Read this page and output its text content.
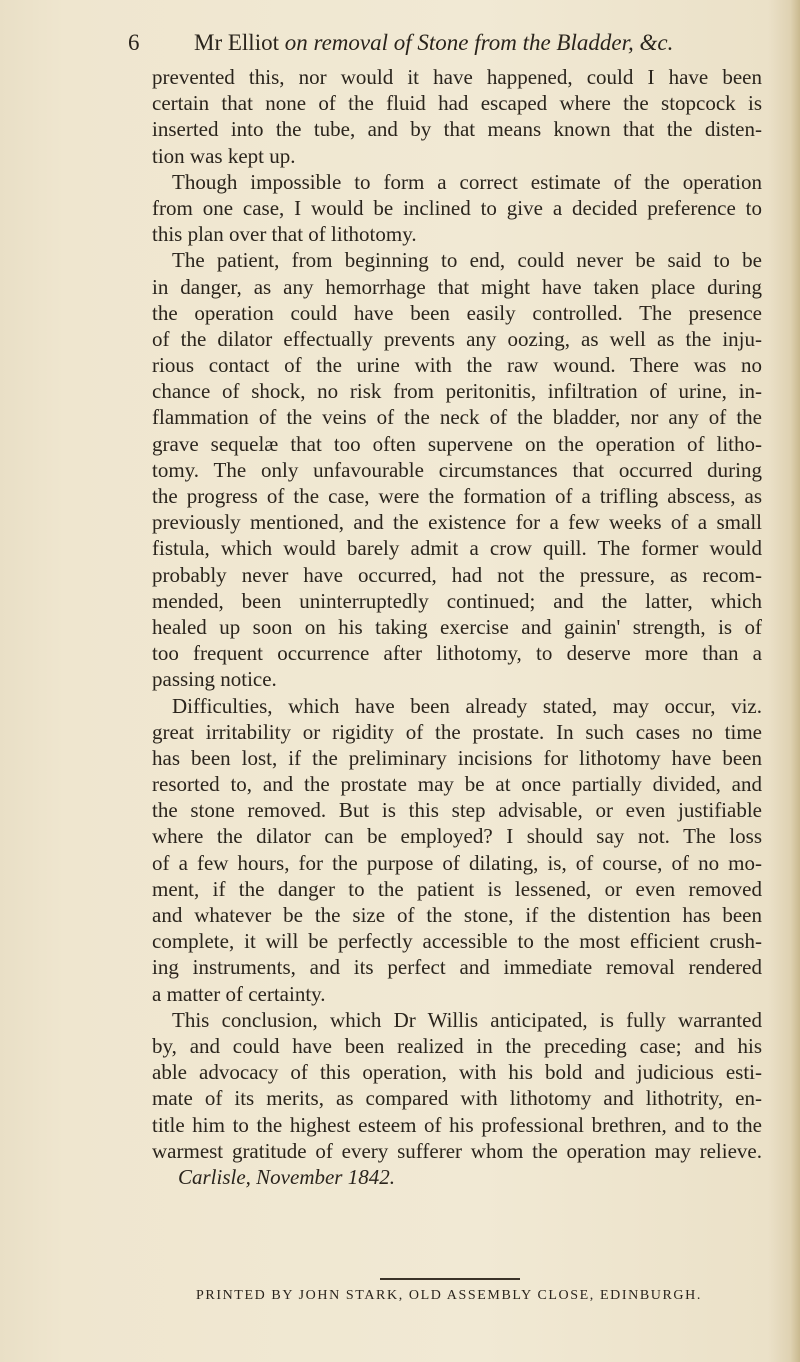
6 Mr Elliot on removal of Stone from the Bladder, &c.
prevented this, nor would it have happened, could I have been
certain that none of the fluid had escaped where the stopcock is
inserted into the tube, and by that means known that the disten-
tion was kept up.
Though impossible to form a correct estimate of the operation
from one case, I would be inclined to give a decided preference to
this plan over that of lithotomy.
The patient, from beginning to end, could never be said to be
in danger, as any hemorrhage that might have taken place during
the operation could have been easily controlled. The presence
of the dilator effectually prevents any oozing, as well as the inju-
rious contact of the urine with the raw wound. There was no
chance of shock, no risk from peritonitis, infiltration of urine, in-
flammation of the veins of the neck of the bladder, nor any of the
grave sequelæ that too often supervene on the operation of litho-
tomy. The only unfavourable circumstances that occurred during
the progress of the case, were the formation of a trifling abscess, as
previously mentioned, and the existence for a few weeks of a small
fistula, which would barely admit a crow quill. The former would
probably never have occurred, had not the pressure, as recom-
mended, been uninterruptedly continued; and the latter, which
healed up soon on his taking exercise and gainin' strength, is of
too frequent occurrence after lithotomy, to deserve more than a
passing notice.
Difficulties, which have been already stated, may occur, viz.
great irritability or rigidity of the prostate. In such cases no time
has been lost, if the preliminary incisions for lithotomy have been
resorted to, and the prostate may be at once partially divided, and
the stone removed. But is this step advisable, or even justifiable
where the dilator can be employed? I should say not. The loss
of a few hours, for the purpose of dilating, is, of course, of no mo-
ment, if the danger to the patient is lessened, or even removed
and whatever be the size of the stone, if the distention has been
complete, it will be perfectly accessible to the most efficient crush-
ing instruments, and its perfect and immediate removal rendered
a matter of certainty.
This conclusion, which Dr Willis anticipated, is fully warranted
by, and could have been realized in the preceding case; and his
able advocacy of this operation, with his bold and judicious esti-
mate of its merits, as compared with lithotomy and lithotrity, en-
title him to the highest esteem of his professional brethren, and to the
warmest gratitude of every sufferer whom the operation may relieve.
Carlisle, November 1842.
PRINTED BY JOHN STARK, OLD ASSEMBLY CLOSE, EDINBURGH.
